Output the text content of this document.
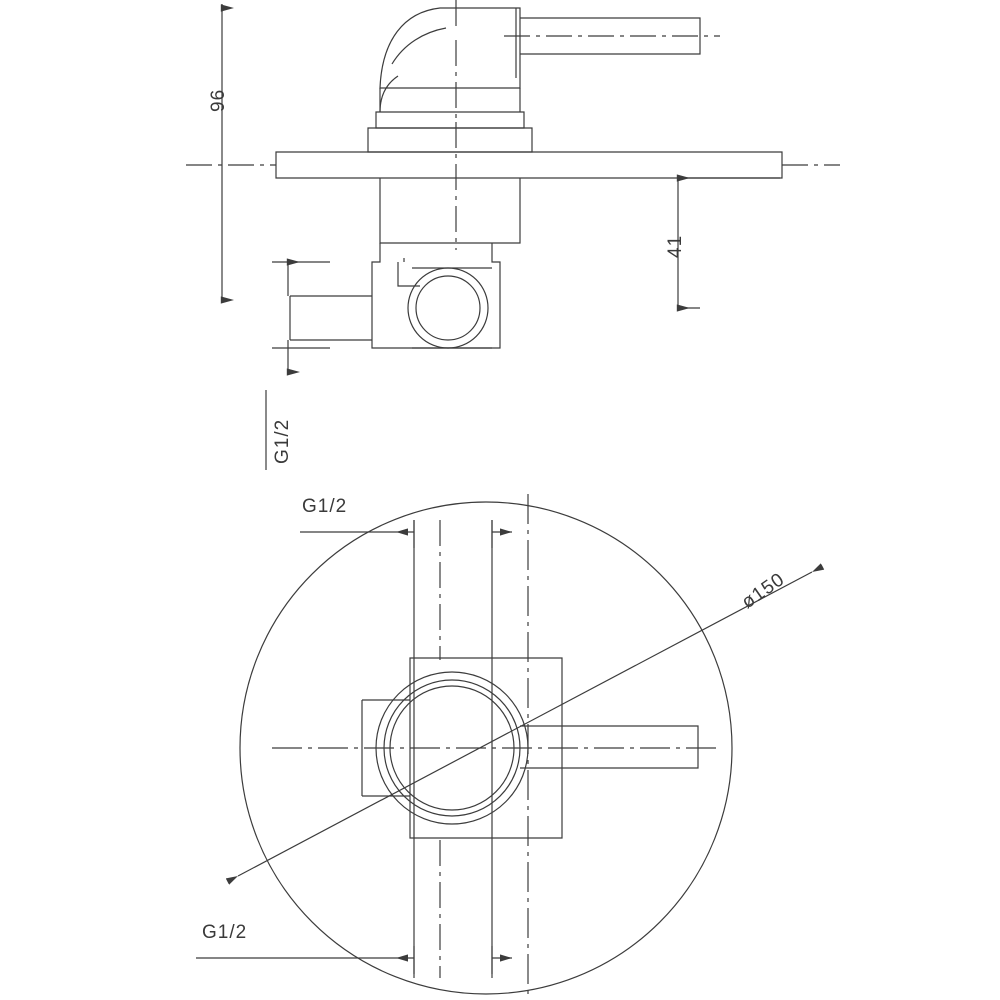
96
41
G1/2
G1/2
G1/2
ø150
